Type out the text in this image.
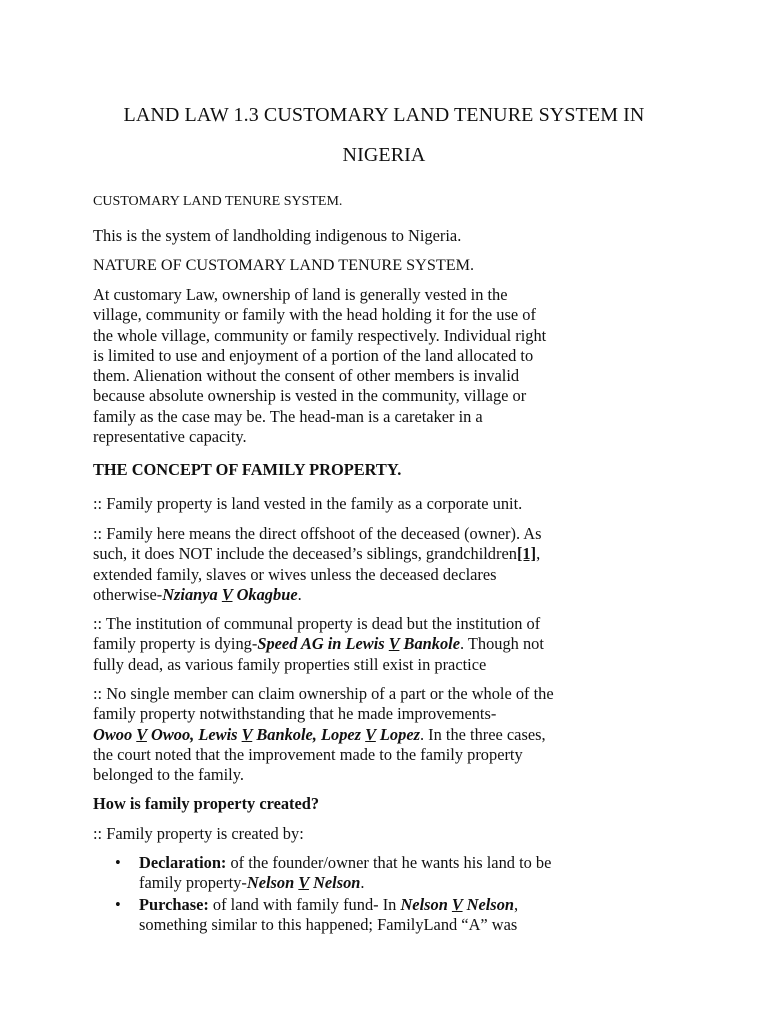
LAND LAW 1.3 CUSTOMARY LAND TENURE SYSTEM IN
NIGERIA
CUSTOMARY LAND TENURE SYSTEM.
This is the system of landholding indigenous to Nigeria.
NATURE OF CUSTOMARY LAND TENURE SYSTEM.
At customary Law, ownership of land is generally vested in the
village, community or family with the head holding it for the use of
the whole village, community or family respectively. Individual right
is limited to use and enjoyment of a portion of the land allocated to
them. Alienation without the consent of other members is invalid
because absolute ownership is vested in the community, village or
family as the case may be. The head-man is a caretaker in a
representative capacity.
THE CONCEPT OF FAMILY PROPERTY.
:: Family property is land vested in the family as a corporate unit.
:: Family here means the direct offshoot of the deceased (owner). As
such, it does NOT include the deceased’s siblings, grandchildren[1],
extended family, slaves or wives unless the deceased declares
otherwise-Nzianya V Okagbue.
:: The institution of communal property is dead but the institution of
family property is dying-Speed AG in Lewis V Bankole. Though not
fully dead, as various family properties still exist in practice
:: No single member can claim ownership of a part or the whole of the
family property notwithstanding that he made improvements-
Owoo V Owoo, Lewis V Bankole, Lopez V Lopez. In the three cases,
the court noted that the improvement made to the family property
belonged to the family.
How is family property created?
:: Family property is created by:
• Declaration: of the founder/owner that he wants his land to be
family property-Nelson V Nelson.
• Purchase: of land with family fund- In Nelson V Nelson,
something similar to this happened; FamilyLand “A” was
